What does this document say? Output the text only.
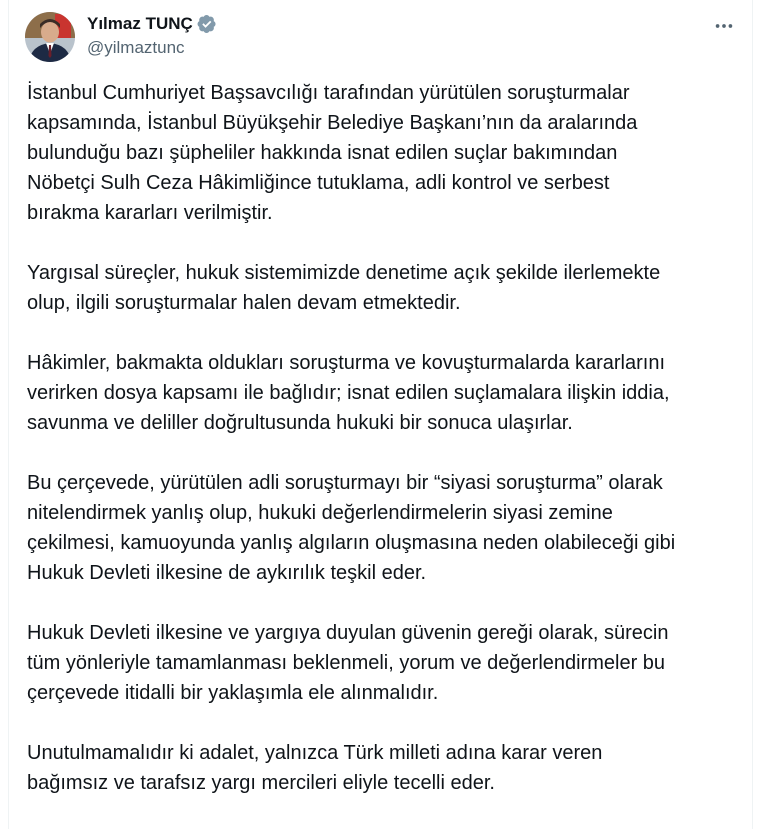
Yılmaz TUNÇ
@yilmaztunc

İstanbul Cumhuriyet Başsavcılığı tarafından yürütülen soruşturmalar
kapsamında, İstanbul Büyükşehir Belediye Başkanı’nın da aralarında
bulunduğu bazı şüpheliler hakkında isnat edilen suçlar bakımından
Nöbetçi Sulh Ceza Hâkimliğince tutuklama, adli kontrol ve serbest
bırakma kararları verilmiştir.

Yargısal süreçler, hukuk sistemimizde denetime açık şekilde ilerlemekte
olup, ilgili soruşturmalar halen devam etmektedir.

Hâkimler, bakmakta oldukları soruşturma ve kovuşturmalarda kararlarını
verirken dosya kapsamı ile bağlıdır; isnat edilen suçlamalara ilişkin iddia,
savunma ve deliller doğrultusunda hukuki bir sonuca ulaşırlar.

Bu çerçevede, yürütülen adli soruşturmayı bir “siyasi soruşturma” olarak
nitelendirmek yanlış olup, hukuki değerlendirmelerin siyasi zemine
çekilmesi, kamuoyunda yanlış algıların oluşmasına neden olabileceği gibi
Hukuk Devleti ilkesine de aykırılık teşkil eder.

Hukuk Devleti ilkesine ve yargıya duyulan güvenin gereği olarak, sürecin
tüm yönleriyle tamamlanması beklenmeli, yorum ve değerlendirmeler bu
çerçevede itidalli bir yaklaşımla ele alınmalıdır.

Unutulmamalıdır ki adalet, yalnızca Türk milleti adına karar veren
bağımsız ve tarafsız yargı mercileri eliyle tecelli eder.
